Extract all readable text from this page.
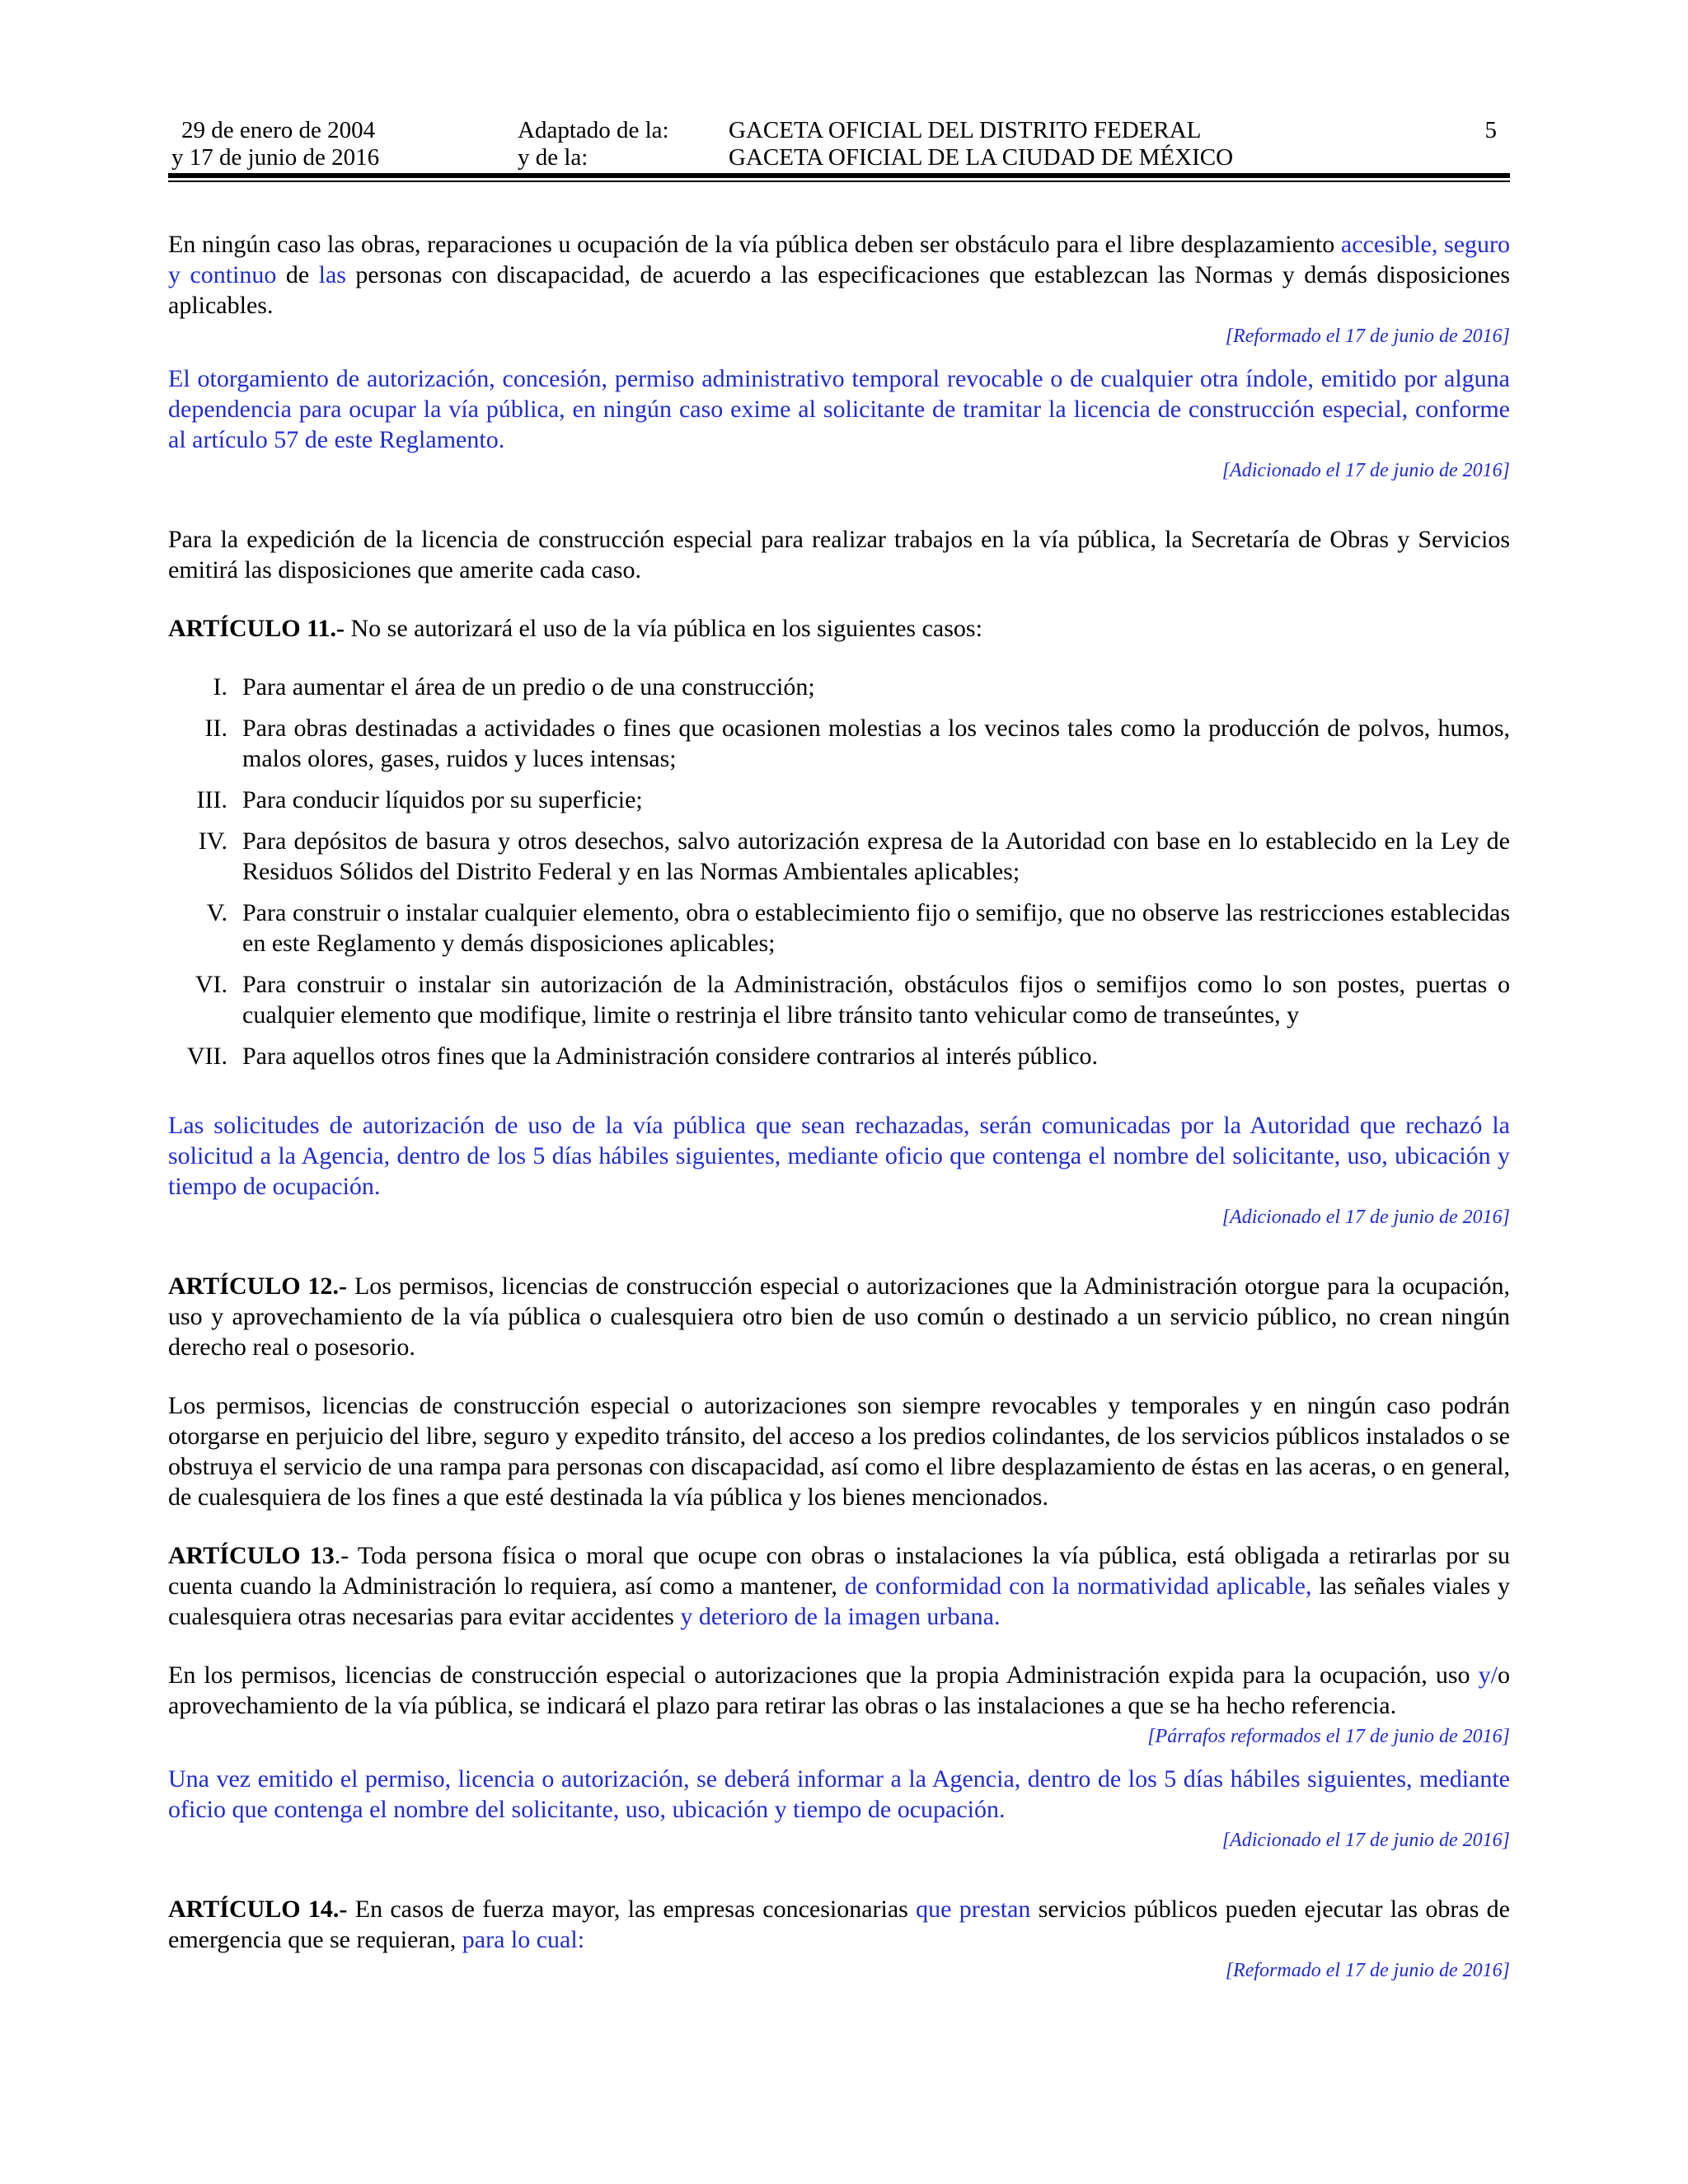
29 de enero de 2004
y 17 de junio de 2016
Adaptado de la:
y de la:
GACETA OFICIAL DEL DISTRITO FEDERAL
GACETA OFICIAL DE LA CIUDAD DE MÉXICO
5

En ningún caso las obras, reparaciones u ocupación de la vía pública deben ser obstáculo para el libre desplazamiento accesible, seguro y continuo de las personas con discapacidad, de acuerdo a las especificaciones que establezcan las Normas y demás disposiciones aplicables.

[Reformado el 17 de junio de 2016]

El otorgamiento de autorización, concesión, permiso administrativo temporal revocable o de cualquier otra índole, emitido por alguna dependencia para ocupar la vía pública, en ningún caso exime al solicitante de tramitar la licencia de construcción especial, conforme al artículo 57 de este Reglamento.

[Adicionado el 17 de junio de 2016]

Para la expedición de la licencia de construcción especial para realizar trabajos en la vía pública, la Secretaría de Obras y Servicios emitirá las disposiciones que amerite cada caso.

ARTÍCULO 11.- No se autorizará el uso de la vía pública en los siguientes casos:

I. Para aumentar el área de un predio o de una construcción;
II. Para obras destinadas a actividades o fines que ocasionen molestias a los vecinos tales como la producción de polvos, humos, malos olores, gases, ruidos y luces intensas;
III. Para conducir líquidos por su superficie;
IV. Para depósitos de basura y otros desechos, salvo autorización expresa de la Autoridad con base en lo establecido en la Ley de Residuos Sólidos del Distrito Federal y en las Normas Ambientales aplicables;
V. Para construir o instalar cualquier elemento, obra o establecimiento fijo o semifijo, que no observe las restricciones establecidas en este Reglamento y demás disposiciones aplicables;
VI. Para construir o instalar sin autorización de la Administración, obstáculos fijos o semifijos como lo son postes, puertas o cualquier elemento que modifique, limite o restrinja el libre tránsito tanto vehicular como de transeúntes, y
VII. Para aquellos otros fines que la Administración considere contrarios al interés público.

Las solicitudes de autorización de uso de la vía pública que sean rechazadas, serán comunicadas por la Autoridad que rechazó la solicitud a la Agencia, dentro de los 5 días hábiles siguientes, mediante oficio que contenga el nombre del solicitante, uso, ubicación y tiempo de ocupación.

[Adicionado el 17 de junio de 2016]

ARTÍCULO 12.- Los permisos, licencias de construcción especial o autorizaciones que la Administración otorgue para la ocupación, uso y aprovechamiento de la vía pública o cualesquiera otro bien de uso común o destinado a un servicio público, no crean ningún derecho real o posesorio.

Los permisos, licencias de construcción especial o autorizaciones son siempre revocables y temporales y en ningún caso podrán otorgarse en perjuicio del libre, seguro y expedito tránsito, del acceso a los predios colindantes, de los servicios públicos instalados o se obstruya el servicio de una rampa para personas con discapacidad, así como el libre desplazamiento de éstas en las aceras, o en general, de cualesquiera de los fines a que esté destinada la vía pública y los bienes mencionados.

ARTÍCULO 13.- Toda persona física o moral que ocupe con obras o instalaciones la vía pública, está obligada a retirarlas por su cuenta cuando la Administración lo requiera, así como a mantener, de conformidad con la normatividad aplicable, las señales viales y cualesquiera otras necesarias para evitar accidentes y deterioro de la imagen urbana.

En los permisos, licencias de construcción especial o autorizaciones que la propia Administración expida para la ocupación, uso y/o aprovechamiento de la vía pública, se indicará el plazo para retirar las obras o las instalaciones a que se ha hecho referencia.

[Párrafos reformados el 17 de junio de 2016]

Una vez emitido el permiso, licencia o autorización, se deberá informar a la Agencia, dentro de los 5 días hábiles siguientes, mediante oficio que contenga el nombre del solicitante, uso, ubicación y tiempo de ocupación.

[Adicionado el 17 de junio de 2016]

ARTÍCULO 14.- En casos de fuerza mayor, las empresas concesionarias que prestan servicios públicos pueden ejecutar las obras de emergencia que se requieran, para lo cual:

[Reformado el 17 de junio de 2016]
